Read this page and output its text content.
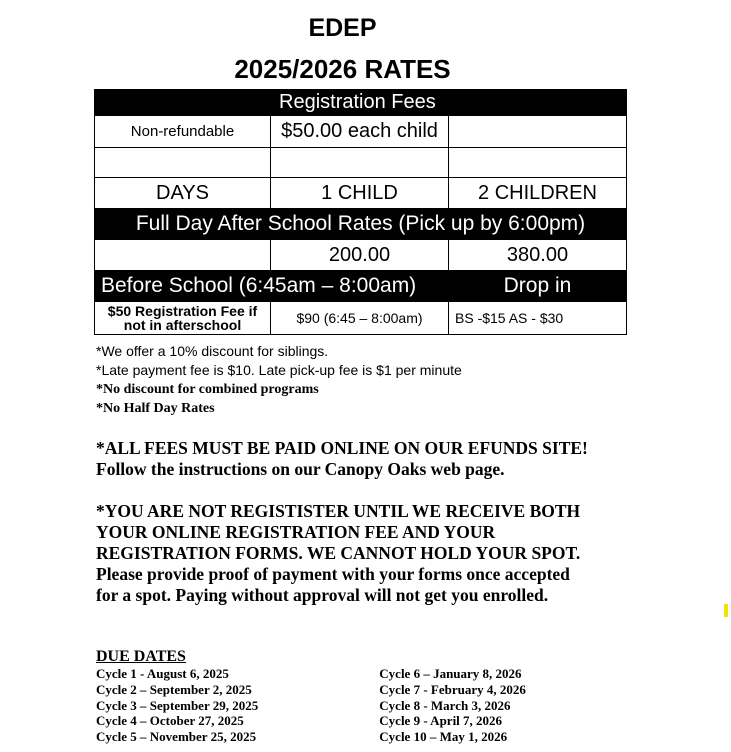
EDEP
2025/2026 RATES
	Registration Fees	
Non-refundable	$50.00 each child	

DAYS	1 CHILD	2 CHILDREN
Full Day After School Rates (Pick up by 6:00pm)		
	200.00	380.00
Before School (6:45am – 8:00am)		Drop in
$50 Registration Fee if not in afterschool	$90 (6:45 – 8:00am)	BS -$15 AS - $30
*We offer a 10% discount for siblings.
*Late payment fee is $10. Late pick-up fee is $1 per minute
*No discount for combined programs
*No Half Day Rates
*ALL FEES MUST BE PAID ONLINE ON OUR EFUNDS SITE! Follow the instructions on our Canopy Oaks web page.
*YOU ARE NOT REGISTISTER UNTIL WE RECEIVE BOTH YOUR ONLINE REGISTRATION FEE AND YOUR REGISTRATION FORMS. WE CANNOT HOLD YOUR SPOT. Please provide proof of payment with your forms once accepted for a spot. Paying without approval will not get you enrolled.
DUE DATES
Cycle 1 - August 6, 2025
Cycle 2 – September 2, 2025
Cycle 3 – September 29, 2025
Cycle 4 – October 27, 2025
Cycle 5 – November 25, 2025
Cycle 6 – January 8, 2026
Cycle 7 - February 4, 2026
Cycle 8 - March 3, 2026
Cycle 9 - April 7, 2026
Cycle 10 – May 1, 2026
